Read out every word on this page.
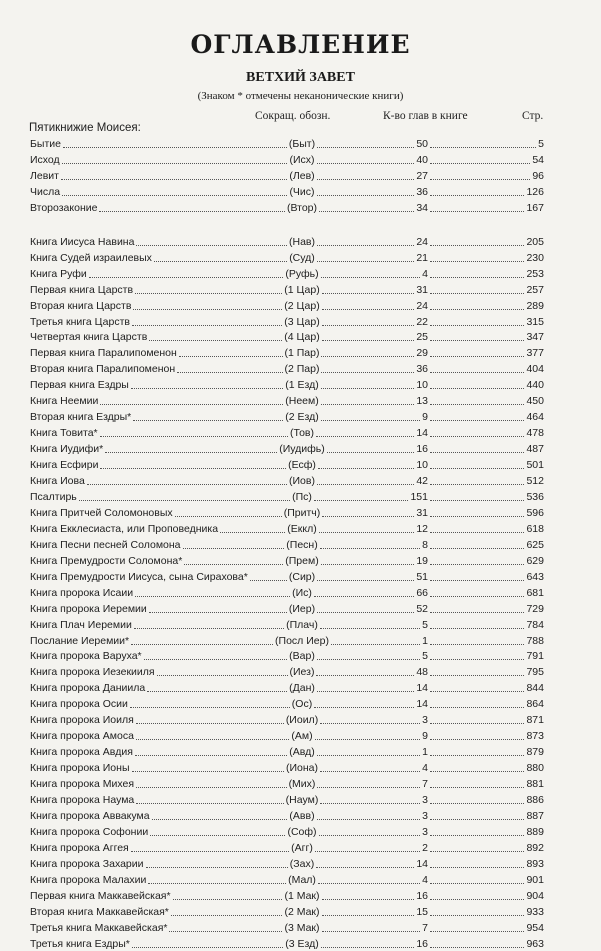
ОГЛАВЛЕНИЕ
ВЕТХИЙ ЗАВЕТ
(Знаком * отмечены неканонические книги)
Сокращ. обозн.	К-во глав в книге	Стр.
Пятикнижие Моисея:
Бытие	(Быт)	50	5
Исход	(Исх)	40	54
Левит	(Лев)	27	96
Числа	(Чис)	36	126
Второзаконие	(Втор)	34	167
Книга Иисуса Навина	(Нав)	24	205
Книга Судей израилевых	(Суд)	21	230
Книга Руфи	(Руфь)	4	253
Первая книга Царств	(1 Цар)	31	257
Вторая книга Царств	(2 Цар)	24	289
Третья книга Царств	(3 Цар)	22	315
Четвертая книга Царств	(4 Цар)	25	347
Первая книга Паралипоменон	(1 Пар)	29	377
Вторая книга Паралипоменон	(2 Пар)	36	404
Первая книга Ездры	(1 Езд)	10	440
Книга Неемии	(Неем)	13	450
Вторая книга Ездры*	(2 Езд)	9	464
Книга Товита*	(Тов)	14	478
Книга Иудифи*	(Иудифь)	16	487
Книга Есфири	(Есф)	10	501
Книга Иова	(Иов)	42	512
Псалтирь	(Пс)	151	536
Книга Притчей Соломоновых	(Притч)	31	596
Книга Екклесиаста, или Проповедника	(Еккл)	12	618
Книга Песни песней Соломона	(Песн)	8	625
Книга Премудрости Соломона*	(Прем)	19	629
Книга Премудрости Иисуса, сына Сирахова*	(Сир)	51	643
Книга пророка Исаии	(Ис)	66	681
Книга пророка Иеремии	(Иер)	52	729
Книга Плач Иеремии	(Плач)	5	784
Послание Иеремии*	(Посл Иер)	1	788
Книга пророка Варуха*	(Вар)	5	791
Книга пророка Иезекииля	(Иез)	48	795
Книга пророка Даниила	(Дан)	14	844
Книга пророка Осии	(Ос)	14	864
Книга пророка Иоиля	(Иоил)	3	871
Книга пророка Амоса	(Ам)	9	873
Книга пророка Авдия	(Авд)	1	879
Книга пророка Ионы	(Иона)	4	880
Книга пророка Михея	(Мих)	7	881
Книга пророка Наума	(Наум)	3	886
Книга пророка Аввакума	(Авв)	3	887
Книга пророка Софонии	(Соф)	3	889
Книга пророка Аггея	(Агг)	2	892
Книга пророка Захарии	(Зах)	14	893
Книга пророка Малахии	(Мал)	4	901
Первая книга Маккавейская*	(1 Мак)	16	904
Вторая книга Маккавейская*	(2 Мак)	15	933
Третья книга Маккавейская*	(3 Мак)	7	954
Третья книга Ездры*	(3 Езд)	16	963
